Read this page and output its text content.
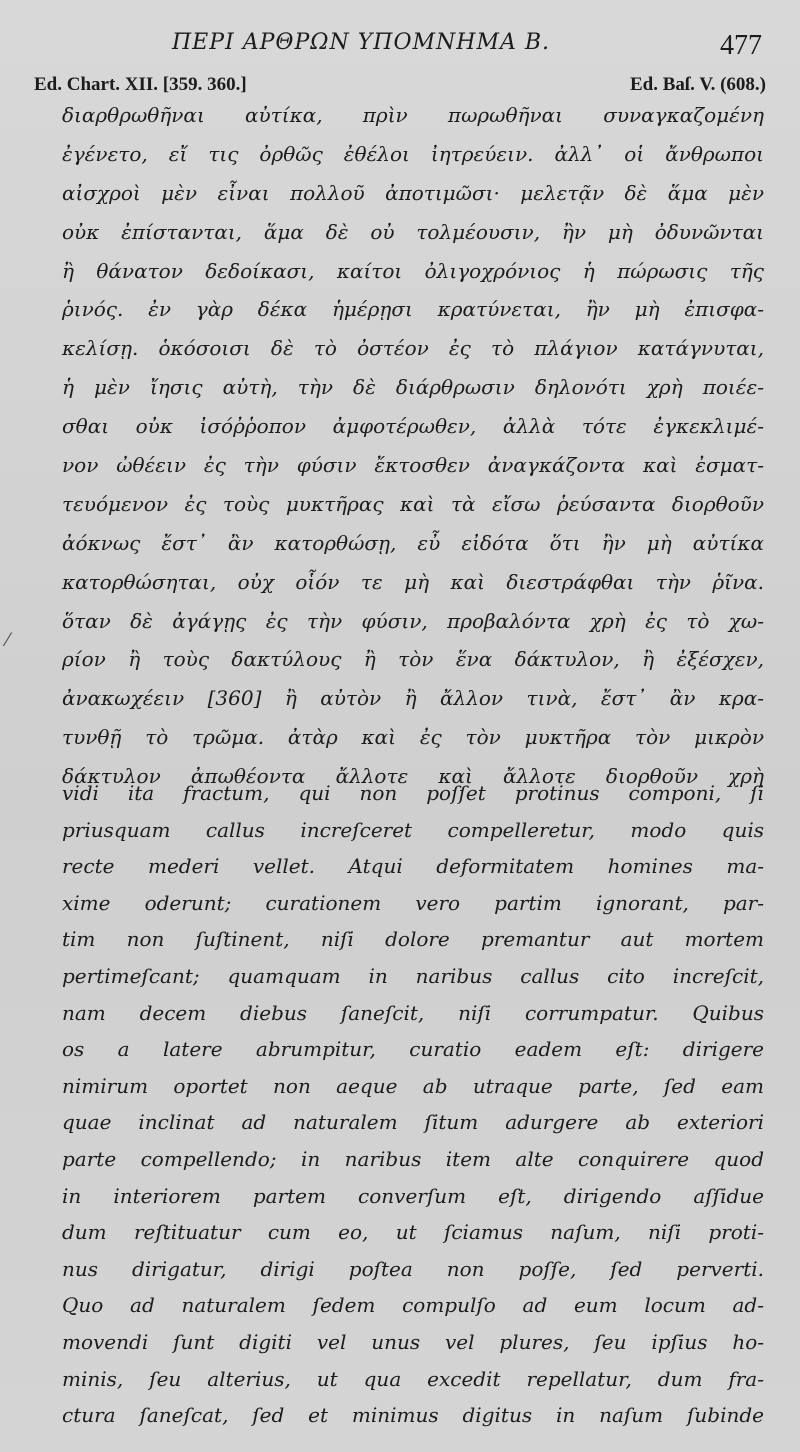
ΠΕΡΙ ΑΡΘΡΩΝ ΥΠΟΜΝΗΜΑ Β.	477
Ed. Chart. XII. [359. 360.]	Ed. Baſ. V. (608.)
⁄
διαρθρωθῆναι αὐτίκα, πρὶν πωρωθῆναι συναγκαζομένη
ἐγένετο, εἴ τις ὀρθῶς ἐθέλοι ἰητρεύειν. ἀλλ᾽ οἱ ἄνθρωποι
αἰσχροὶ μὲν εἶναι πολλοῦ ἀποτιμῶσι· μελετᾷν δὲ ἅμα μὲν
οὐκ ἐπίστανται, ἅμα δὲ οὐ τολμέουσιν, ἢν μὴ ὀδυνῶνται
ἢ θάνατον δεδοίκασι, καίτοι ὀλιγοχρόνιος ἡ πώρωσις τῆς
ῥινός. ἐν γὰρ δέκα ἡμέρῃσι κρατύνεται, ἢν μὴ ἐπισφα-
κελίσῃ. ὁκόσοισι δὲ τὸ ὀστέον ἐς τὸ πλάγιον κατάγνυται,
ἡ μὲν ἴησις αὐτὴ, τὴν δὲ διάρθρωσιν δηλονότι χρὴ ποιέε-
σθαι οὐκ ἰσόῤῥοπον ἀμφοτέρωθεν, ἀλλὰ τότε ἐγκεκλιμέ-
νον ὠθέειν ἐς τὴν φύσιν ἔκτοσθεν ἀναγκάζοντα καὶ ἐσματ-
τευόμενον ἐς τοὺς μυκτῆρας καὶ τὰ εἴσω ῥεύσαντα διορθοῦν
ἀόκνως ἔστ᾽ ἂν κατορθώσῃ, εὖ εἰδότα ὅτι ἢν μὴ αὐτίκα
κατορθώσηται, οὐχ οἷόν τε μὴ καὶ διεστράφθαι τὴν ῥῖνα.
ὅταν δὲ ἀγάγῃς ἐς τὴν φύσιν, προβαλόντα χρὴ ἐς τὸ χω-
ρίον ἢ τοὺς δακτύλους ἢ τὸν ἕνα δάκτυλον, ἢ ἐξέσχεν,
ἀνακωχέειν [360] ἢ αὐτὸν ἢ ἄλλον τινὰ, ἔστ᾽ ἂν κρα-
τυνθῇ τὸ τρῶμα. ἀτὰρ καὶ ἐς τὸν μυκτῆρα τὸν μικρὸν
δάκτυλον ἀπωθέοντα ἄλλοτε καὶ ἄλλοτε διορθοῦν χρὴ
vidi ita fractum, qui non poſſet protinus componi, ſi
priusquam callus increſceret compelleretur, modo quis
recte mederi vellet. Atqui deformitatem homines ma-
xime oderunt; curationem vero partim ignorant, par-
tim non ſuſtinent, niſi dolore premantur aut mortem
pertimeſcant; quamquam in naribus callus cito increſcit,
nam decem diebus ſaneſcit, niſi corrumpatur. Quibus
os a latere abrumpitur, curatio eadem eſt: dirigere
nimirum oportet non aeque ab utraque parte, ſed eam
quae inclinat ad naturalem ſitum adurgere ab exteriori
parte compellendo; in naribus item alte conquirere quod
in interiorem partem converſum eſt, dirigendo aſſidue
dum reſtituatur cum eo, ut ſciamus naſum, niſi proti-
nus dirigatur, dirigi poſtea non poſſe, ſed perverti.
Quo ad naturalem ſedem compulſo ad eum locum ad-
movendi ſunt digiti vel unus vel plures, ſeu ipſius ho-
minis, ſeu alterius, ut qua excedit repellatur, dum fra-
ctura ſaneſcat, ſed et minimus digitus in naſum ſubinde
